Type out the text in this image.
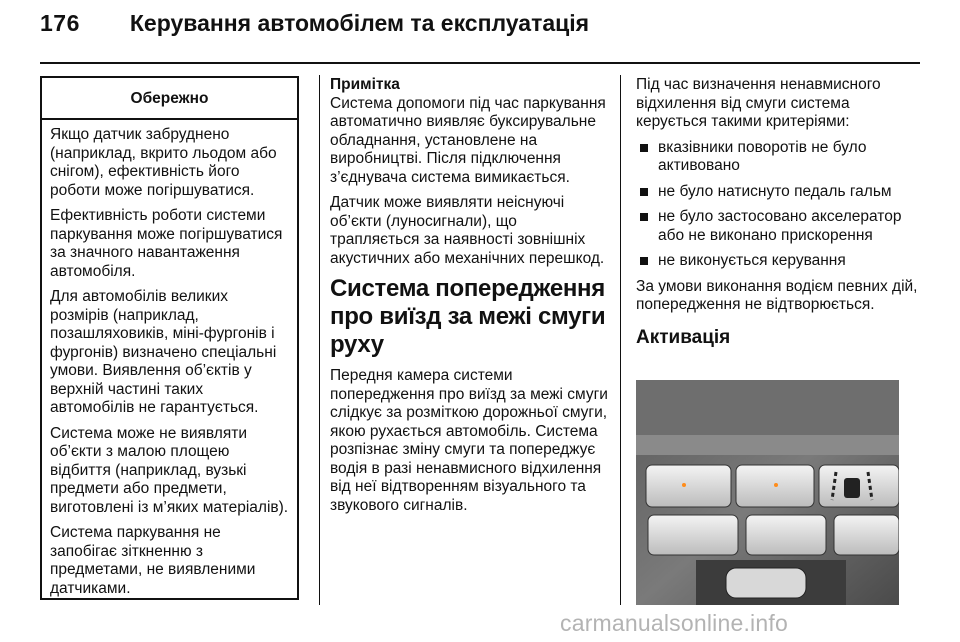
176 Керування автомобілем та експлуатація
Обережно

Якщо датчик забруднено (наприклад, вкрито льодом або снігом), ефективність його роботи може погіршуватися.

Ефективність роботи системи паркування може погіршуватися за значного навантаження автомобіля.

Для автомобілів великих розмірів (наприклад, позашляховиків, міні-фургонів і фургонів) визначено спеціальні умови. Виявлення об’єктів у верхній частині таких автомобілів не гарантується.

Система може не виявляти об’єкти з малою площею відбиття (наприклад, вузькі предмети або предмети, виготовлені із м’яких матеріалів).

Система паркування не запобігає зіткненню з предметами, не виявленими датчиками.

Примітка

Система допомоги під час паркування автоматично виявляє буксирувальне обладнання, установлене на виробництві. Після підключення з’єднувача система вимикається.

Датчик може виявляти неіснуючі об’єкти (луносигнали), що трапляється за наявності зовнішніх акустичних або механічних перешкод.

Система попередження про виїзд за межі смуги руху

Передня камера системи попередження про виїзд за межі смуги слідкує за розміткою дорожньої смуги, якою рухається автомобіль. Система розпізнає зміну смуги та попереджує водія в разі ненавмисного відхилення від неї відтворенням візуального та звукового сигналів.

Під час визначення ненавмисного відхилення від смуги система керується такими критеріями:

вказівники поворотів не було активовано
не було натиснуто педаль гальм
не було застосовано акселератор або не виконано прискорення
не виконується керування

За умови виконання водієм певних дій, попередження не відтворюється.

Активація
carmanualsonline.info
